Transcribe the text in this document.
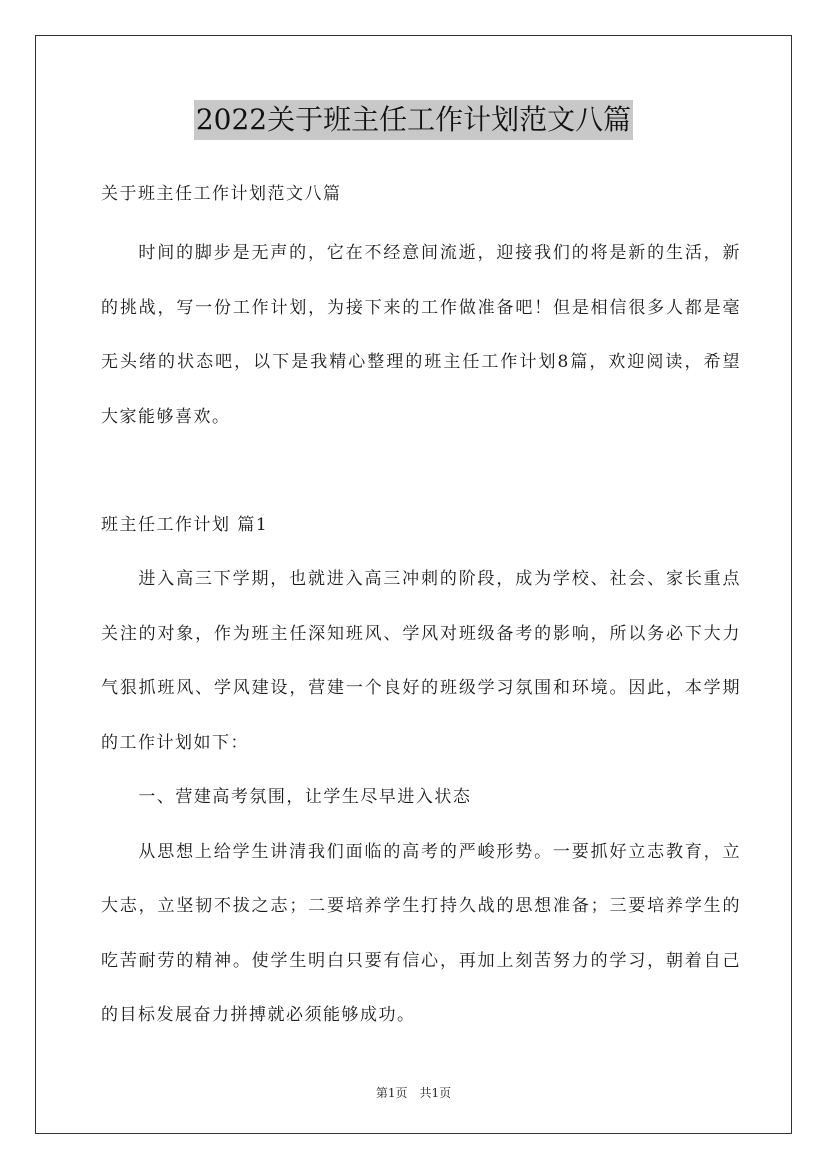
2022关于班主任工作计划范文八篇

关于班主任工作计划范文八篇

时间的脚步是无声的，它在不经意间流逝，迎接我们的将是新的生活，新的挑战，写一份工作计划，为接下来的工作做准备吧！但是相信很多人都是毫无头绪的状态吧，以下是我精心整理的班主任工作计划8篇，欢迎阅读，希望大家能够喜欢。

班主任工作计划 篇1

进入高三下学期，也就进入高三冲刺的阶段，成为学校、社会、家长重点关注的对象，作为班主任深知班风、学风对班级备考的影响，所以务必下大力气狠抓班风、学风建设，营建一个良好的班级学习氛围和环境。因此，本学期的工作计划如下：

一、营建高考氛围，让学生尽早进入状态

从思想上给学生讲清我们面临的高考的严峻形势。一要抓好立志教育，立大志，立坚韧不拔之志；二要培养学生打持久战的思想准备；三要培养学生的吃苦耐劳的精神。使学生明白只要有信心，再加上刻苦努力的学习，朝着自己的目标发展奋力拼搏就必须能够成功。

第1页　共1页
